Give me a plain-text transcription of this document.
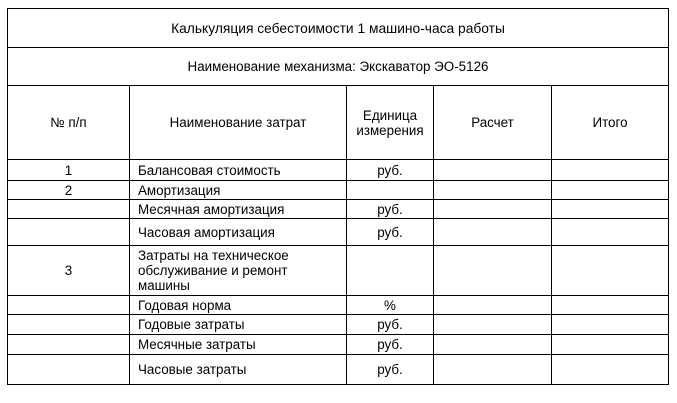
Калькуляция себестоимости 1 машино-часа работы				
Наименование механизма: Экскаватор ЭО-5126				
№ п/п	Наименование затрат	Единица измерения	Расчет	Итого
1	Балансовая стоимость	руб.		
2	Амортизация			
	Месячная амортизация	руб.		
	Часовая амортизация	руб.		
3	Затраты на техническое обслуживание и ремонт машины			
	Годовая норма	%		
	Годовые затраты	руб.		
	Месячные затраты	руб.		
	Часовые затраты	руб.		
